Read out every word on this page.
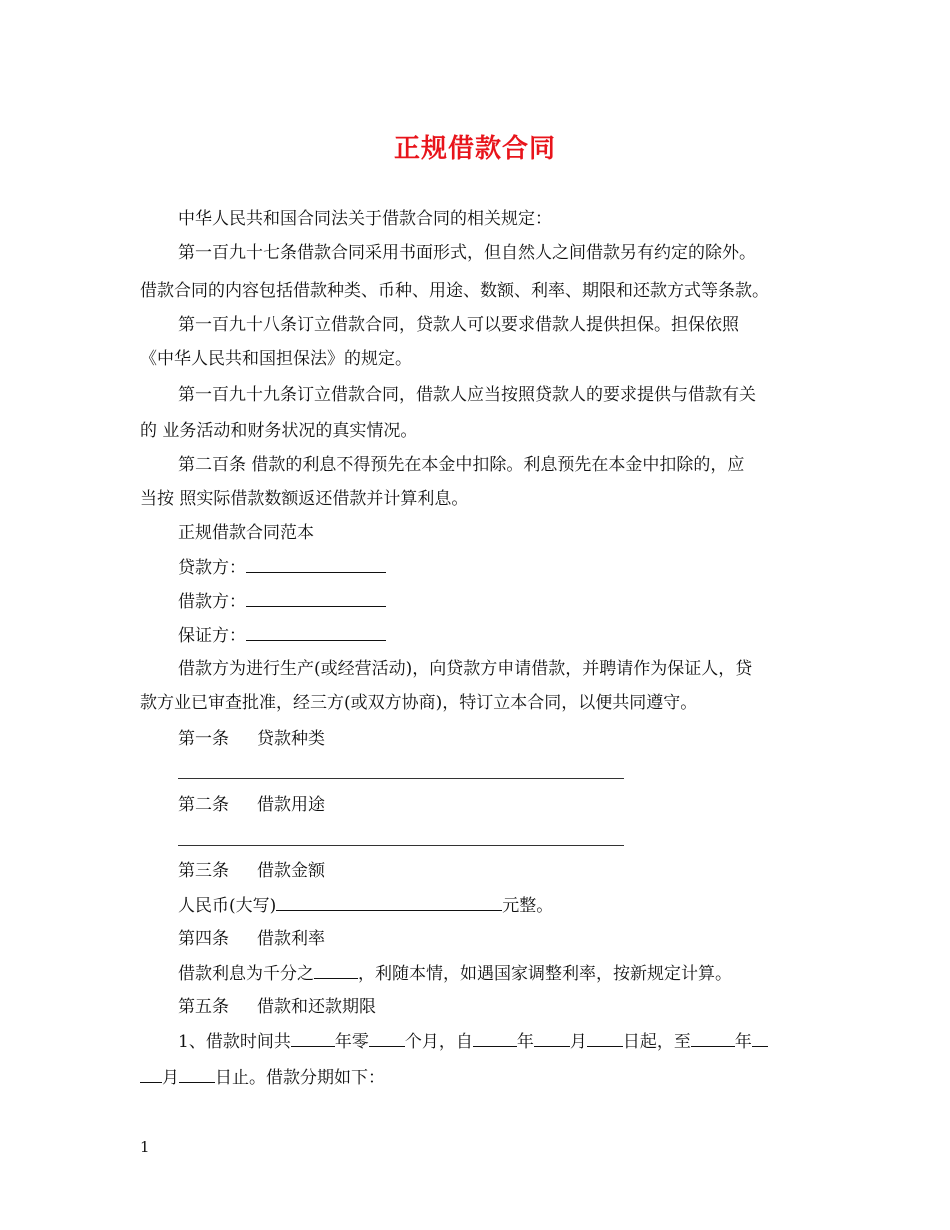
正规借款合同
中华人民共和国合同法关于借款合同的相关规定：
第一百九十七条借款合同采用书面形式，但自然人之间借款另有约定的除外。
借款合同的内容包括借款种类、币种、用途、数额、利率、期限和还款方式等条款。
第一百九十八条订立借款合同，贷款人可以要求借款人提供担保。担保依照
《中华人民共和国担保法》的规定。
第一百九十九条订立借款合同，借款人应当按照贷款人的要求提供与借款有关
的 业务活动和财务状况的真实情况。
第二百条 借款的利息不得预先在本金中扣除。利息预先在本金中扣除的，应
当按 照实际借款数额返还借款并计算利息。
正规借款合同范本
贷款方：
借款方：
保证方：
借款方为进行生产(或经营活动)，向贷款方申请借款，并聘请作为保证人，贷
款方业已审查批准，经三方(或双方协商)，特订立本合同，以便共同遵守。
第一条 贷款种类
第二条 借款用途
第三条 借款金额
人民币(大写)	元整。
第四条 借款利率
借款利息为千分之	，利随本情，如遇国家调整利率，按新规定计算。
第五条 借款和还款期限
1、借款时间共	年零 个月，自	年 月 日起，至	年
月 日止。借款分期如下：
1
